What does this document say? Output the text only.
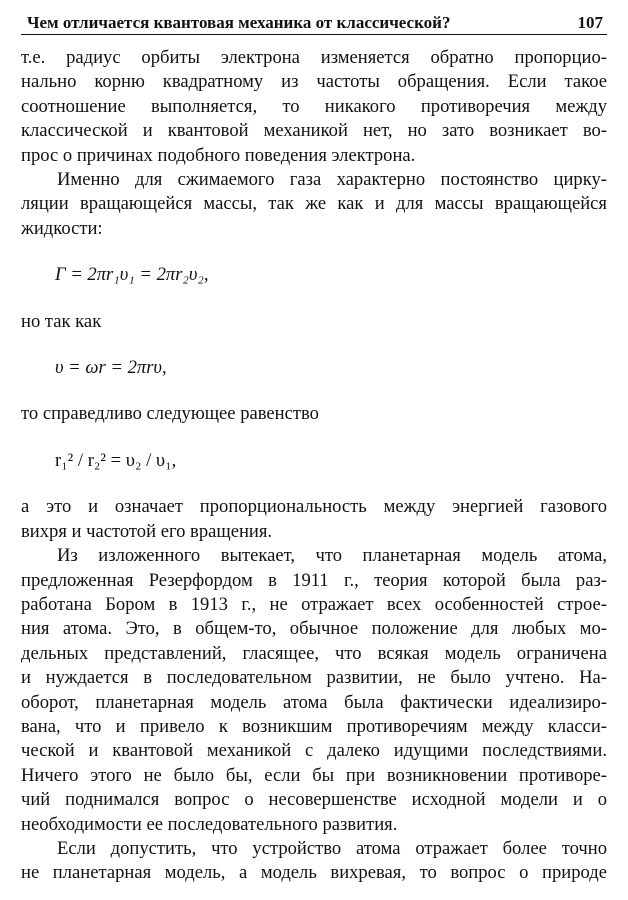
Чем отличается квантовая механика от классической?	107

т.е. радиус орбиты электрона изменяется обратно пропорцио-
нально корню квадратному из частоты обращения. Если такое
соотношение выполняется, то никакого противоречия между
классической и квантовой механикой нет, но зато возникает во-
прос о причинах подобного поведения электрона.

Именно для сжимаемого газа характерно постоянство цирку-
ляции вращающейся массы, так же как и для массы вращающейся
жидкости:

Г = 2πr₁υ₁ = 2πr₂υ₂,

но так как

υ = ωr = 2πrυ,

то справедливо следующее равенство

r₁² / r₂² = υ₂ / υ₁,

а это и означает пропорциональность между энергией газового
вихря и частотой его вращения.

Из изложенного вытекает, что планетарная модель атома,
предложенная Резерфордом в 1911 г., теория которой была раз-
работана Бором в 1913 г., не отражает всех особенностей строе-
ния атома. Это, в общем-то, обычное положение для любых мо-
дельных представлений, гласящее, что всякая модель ограничена
и нуждается в последовательном развитии, не было учтено. На-
оборот, планетарная модель атома была фактически идеализиро-
вана, что и привело к возникшим противоречиям между класси-
ческой и квантовой механикой с далеко идущими последствиями.
Ничего этого не было бы, если бы при возникновении противоре-
чий поднимался вопрос о несовершенстве исходной модели и о
необходимости ее последовательного развития.

Если допустить, что устройство атома отражает более точно
не планетарная модель, а модель вихревая, то вопрос о природе
